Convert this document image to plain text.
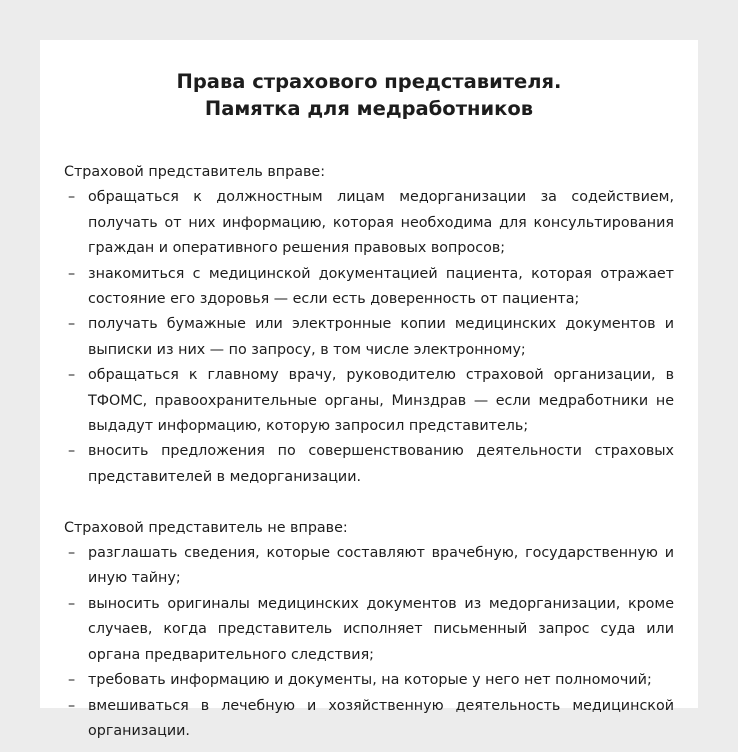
Права страхового представителя.
Памятка для медработников

Страховой представитель вправе:

– обращаться к должностным лицам медорганизации за содействием, получать от них информацию, которая необходима для консультирования граждан и оперативного решения правовых вопросов;
– знакомиться с медицинской документацией пациента, которая отражает состояние его здоровья — если есть доверенность от пациента;
– получать бумажные или электронные копии медицинских документов и выписки из них — по запросу, в том числе электронному;
– обращаться к главному врачу, руководителю страховой организации, в ТФОМС, правоохранительные органы, Минздрав — если медработники не выдадут информацию, которую запросил представитель;
– вносить предложения по совершенствованию деятельности страховых представителей в медорганизации.

Страховой представитель не вправе:

– разглашать сведения, которые составляют врачебную, государственную и иную тайну;
– выносить оригиналы медицинских документов из медорганизации, кроме случаев, когда представитель исполняет письменный запрос суда или органа предварительного следствия;
– требовать информацию и документы, на которые у него нет полномочий;
– вмешиваться в лечебную и хозяйственную деятельность медицинской организации.
